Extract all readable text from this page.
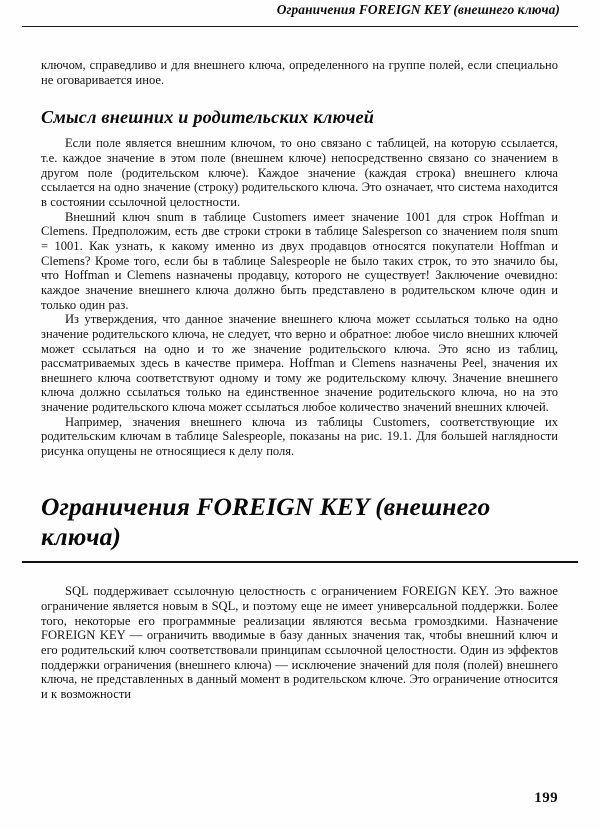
Ограничения FOREIGN KEY (внешнего ключа)

ключом, справедливо и для внешнего ключа, определенного на группе полей, если специально не оговаривается иное.

Смысл внешних и родительских ключей

Если поле является внешним ключом, то оно связано с таблицей, на которую ссылается, т.е. каждое значение в этом поле (внешнем ключе) непосредственно связано со значением в другом поле (родительском ключе). Каждое значение (каждая строка) внешнего ключа ссылается на одно значение (строку) родительского ключа. Это означает, что система находится в состоянии ссылочной целостности.

Внешний ключ snum в таблице Customers имеет значение 1001 для строк Hoffman и Clemens. Предположим, есть две строки строки в таблице Salesperson со значением поля snum = 1001. Как узнать, к какому именно из двух продавцов относятся покупатели Hoffman и Clemens? Кроме того, если бы в таблице Salespeople не было таких строк, то это значило бы, что Hoffman и Clemens назначены продавцу, которого не существует! Заключение очевидно: каждое значение внешнего ключа должно быть представлено в родительском ключе один и только один раз.

Из утверждения, что данное значение внешнего ключа может ссылаться только на одно значение родительского ключа, не следует, что верно и обратное: любое число внешних ключей может ссылаться на одно и то же значение родительского ключа. Это ясно из таблиц, рассматриваемых здесь в качестве примера. Hoffman и Clemens назначены Peel, значения их внешнего ключа соответствуют одному и тому же родительскому ключу. Значение внешнего ключа должно ссылаться только на единственное значение родительского ключа, но на это значение родительского ключа может ссылаться любое количество значений внешних ключей.

Например, значения внешнего ключа из таблицы Customers, соответствующие их родительским ключам в таблице Salespeople, показаны на рис. 19.1. Для большей наглядности рисунка опущены не относящиеся к делу поля.

Ограничения FOREIGN KEY (внешнего ключа)

SQL поддерживает ссылочную целостность с ограничением FOREIGN KEY. Это важное ограничение является новым в SQL, и поэтому еще не имеет универсальной поддержки. Более того, некоторые его программные реализации являются весьма громоздкими. Назначение FOREIGN KEY — ограничить вводимые в базу данных значения так, чтобы внешний ключ и его родительский ключ соответствовали принципам ссылочной целостности. Один из эффектов поддержки ограничения (внешнего ключа) — исключение значений для поля (полей) внешнего ключа, не представленных в данный момент в родительском ключе. Это ограничение относится и к возможности

199
